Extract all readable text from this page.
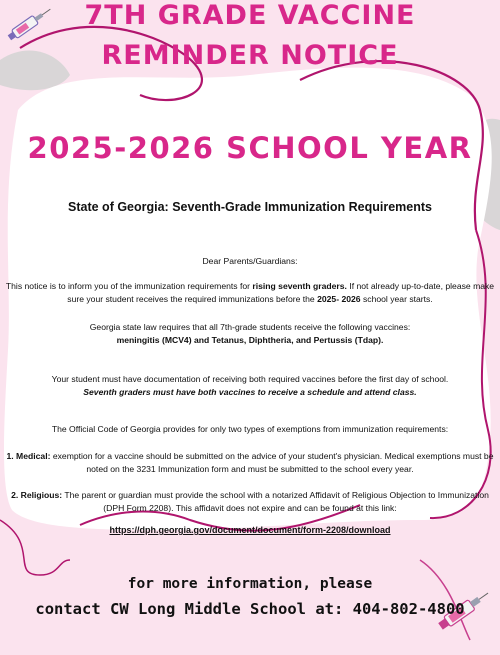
7TH GRADE VACCINE
REMINDER NOTICE
2025-2026 SCHOOL YEAR

State of Georgia: Seventh-Grade Immunization Requirements

Dear Parents/Guardians:

This notice is to inform you of the immunization requirements for rising seventh graders. If not already up-to-date, please make sure your student receives the required immunizations before the 2025- 2026 school year starts.

Georgia state law requires that all 7th-grade students receive the following vaccines:
meningitis (MCV4) and Tetanus, Diphtheria, and Pertussis (Tdap).

Your student must have documentation of receiving both required vaccines before the first day of school.
Seventh graders must have both vaccines to receive a schedule and attend class.

The Official Code of Georgia provides for only two types of exemptions from immunization requirements:

1. Medical: exemption for a vaccine should be submitted on the advice of your student's physician. Medical exemptions must be noted on the 3231 Immunization form and must be submitted to the school every year.

2. Religious: The parent or guardian must provide the school with a notarized Affidavit of Religious Objection to Immunization (DPH Form 2208). This affidavit does not expire and can be found at this link:

https://dph.georgia.gov/document/document/form-2208/download

for more information, please

contact CW Long Middle School at: 404-802-4800
